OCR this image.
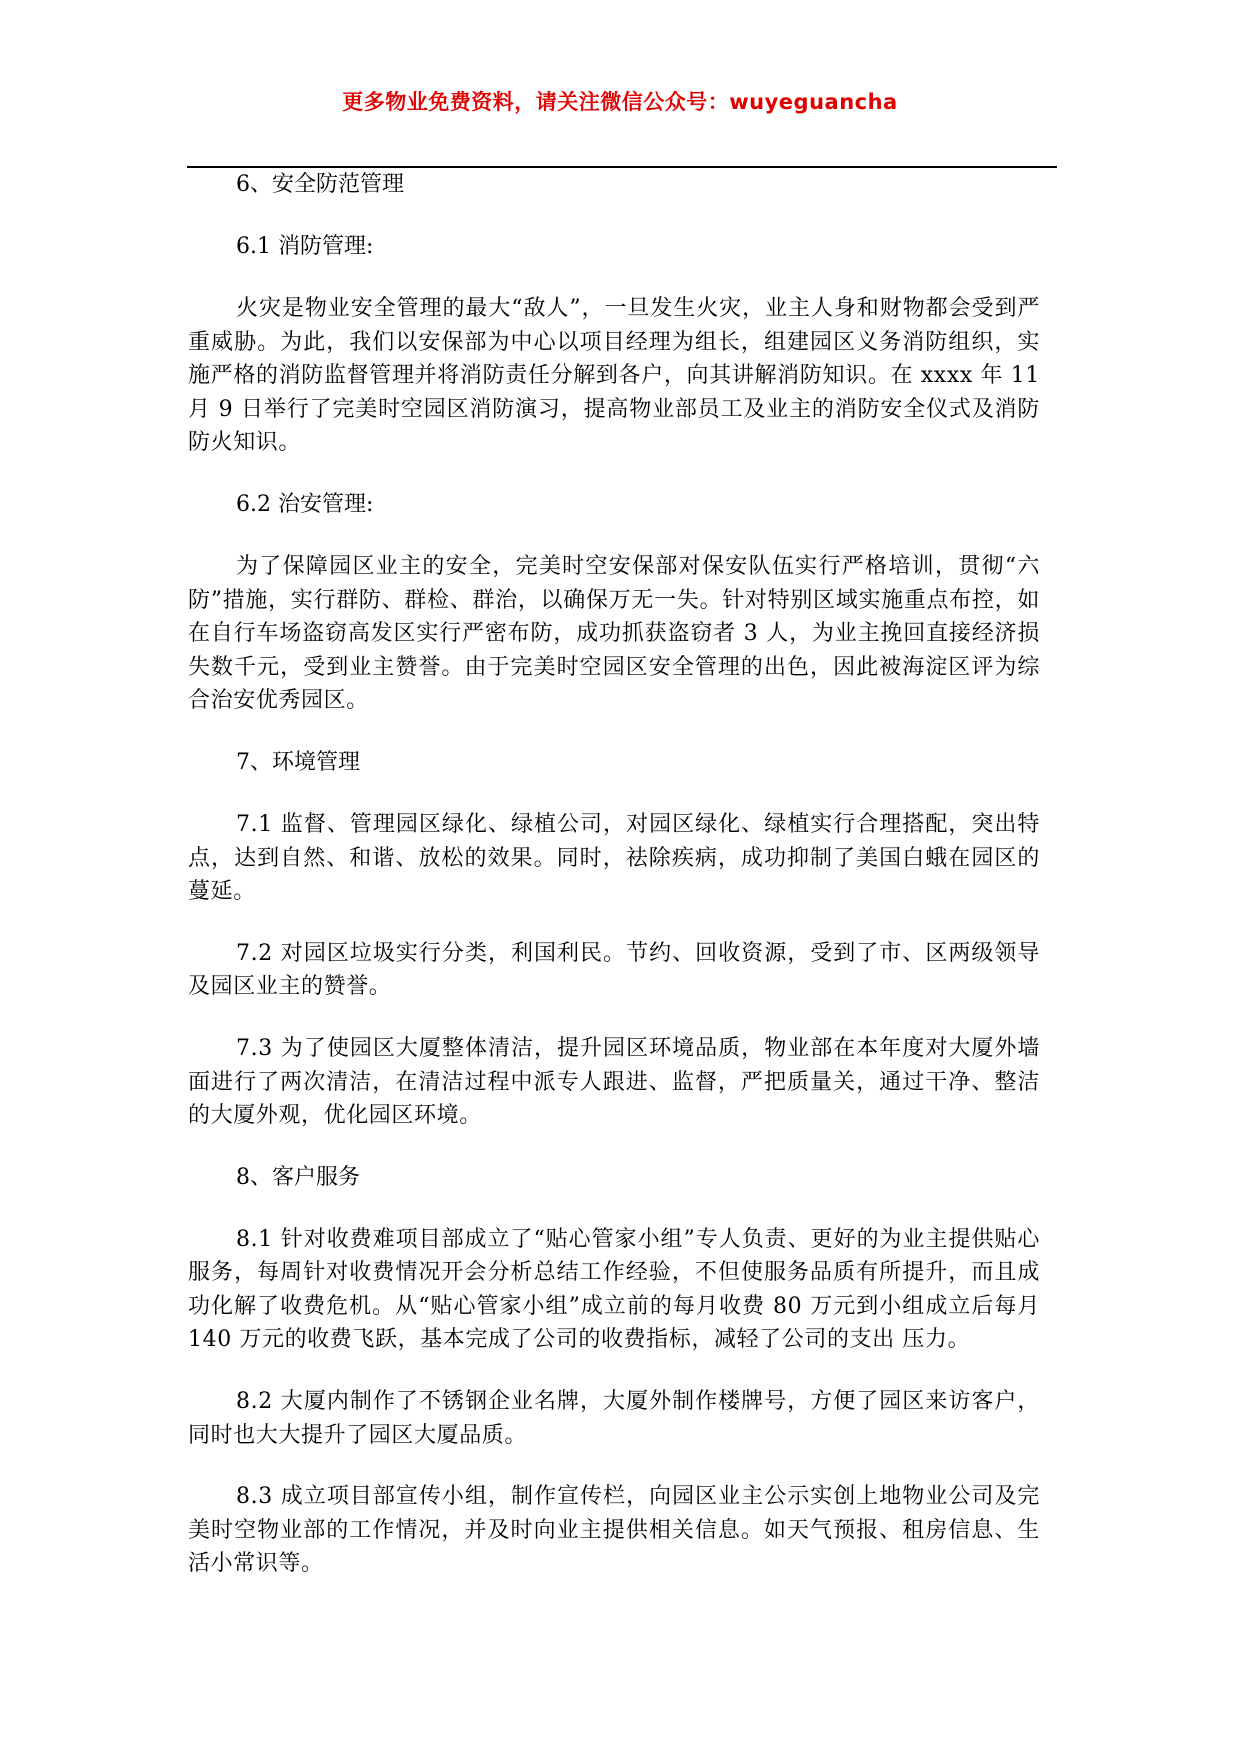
更多物业免费资料，请关注微信公众号：wuyeguancha

6、安全防范管理

6.1 消防管理:

火灾是物业安全管理的最大“敌人”，一旦发生火灾，业主人身和财物都会受到严重威胁。为此，我们以安保部为中心以项目经理为组长，组建园区义务消防组织，实施严格的消防监督管理并将消防责任分解到各户，向其讲解消防知识。在 xxxx 年 11 月 9 日举行了完美时空园区消防演习，提高物业部员工及业主的消防安全仪式及消防防火知识。

6.2 治安管理:

为了保障园区业主的安全，完美时空安保部对保安队伍实行严格培训，贯彻“六防”措施，实行群防、群检、群治，以确保万无一失。针对特别区域实施重点布控，如在自行车场盗窃高发区实行严密布防，成功抓获盗窃者 3 人，为业主挽回直接经济损失数千元，受到业主赞誉。由于完美时空园区安全管理的出色，因此被海淀区评为综合治安优秀园区。

7、环境管理

7.1 监督、管理园区绿化、绿植公司，对园区绿化、绿植实行合理搭配，突出特点，达到自然、和谐、放松的效果。同时，祛除疾病，成功抑制了美国白蛾在园区的蔓延。

7.2 对园区垃圾实行分类，利国利民。节约、回收资源，受到了市、区两级领导及园区业主的赞誉。

7.3 为了使园区大厦整体清洁，提升园区环境品质，物业部在本年度对大厦外墙面进行了两次清洁，在清洁过程中派专人跟进、监督，严把质量关，通过干净、整洁的大厦外观，优化园区环境。

8、客户服务

8.1 针对收费难项目部成立了“贴心管家小组”专人负责、更好的为业主提供贴心服务，每周针对收费情况开会分析总结工作经验，不但使服务品质有所提升，而且成功化解了收费危机。从“贴心管家小组”成立前的每月收费 80 万元到小组成立后每月 140 万元的收费飞跃，基本完成了公司的收费指标，减轻了公司的支出 压力。

8.2 大厦内制作了不锈钢企业名牌，大厦外制作楼牌号，方便了园区来访客户，同时也大大提升了园区大厦品质。

8.3 成立项目部宣传小组，制作宣传栏，向园区业主公示实创上地物业公司及完美时空物业部的工作情况，并及时向业主提供相关信息。如天气预报、租房信息、生活小常识等。
